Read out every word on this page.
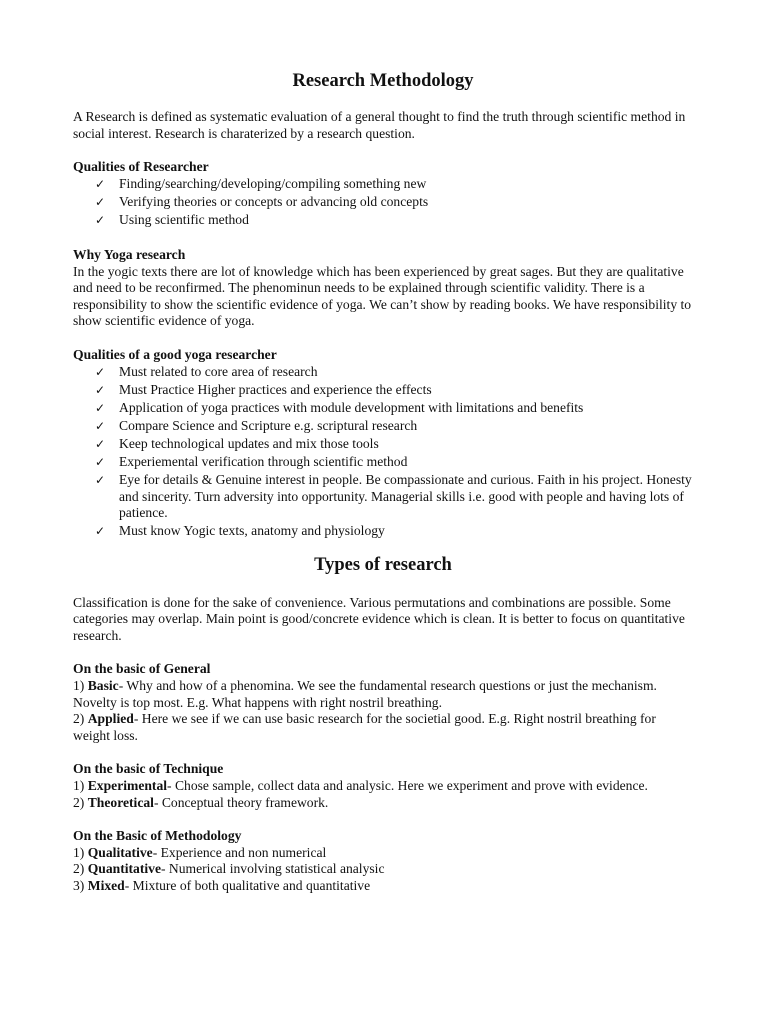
Research Methodology

A Research is defined as systematic evaluation of a general thought to find the truth through scientific method in social interest. Research is charaterized by a research question.

Qualities of Researcher

✓ Finding/searching/developing/compiling something new
✓ Verifying theories or concepts or advancing old concepts
✓ Using scientific method

Why Yoga research

In the yogic texts there are lot of knowledge which has been experienced by great sages. But they are qualitative and need to be reconfirmed. The phenominun needs to be explained through scientific validity. There is a responsibility to show the scientific evidence of yoga. We can’t show by reading books. We have responsibility to show scientific evidence of yoga.

Qualities of a good yoga researcher

✓ Must related to core area of research
✓ Must Practice Higher practices and experience the effects
✓ Application of yoga practices with module development with limitations and benefits
✓ Compare Science and Scripture e.g. scriptural research
✓ Keep technological updates and mix those tools
✓ Experiemental verification through scientific method
✓ Eye for details & Genuine interest in people. Be compassionate and curious. Faith in his project. Honesty and sincerity. Turn adversity into opportunity. Managerial skills i.e. good with people and having lots of patience.
✓ Must know Yogic texts, anatomy and physiology
Types of research

Classification is done for the sake of convenience. Various permutations and combinations are possible. Some categories may overlap. Main point is good/concrete evidence which is clean. It is better to focus on quantitative research.

On the basic of General

1) Basic- Why and how of a phenomina. We see the fundamental research questions or just the mechanism. Novelty is top most. E.g. What happens with right nostril breathing.

2) Applied- Here we see if we can use basic research for the societial good. E.g. Right nostril breathing for weight loss.

On the basic of Technique

1) Experimental- Chose sample, collect data and analysic. Here we experiment and prove with evidence.

2) Theoretical- Conceptual theory framework.

On the Basic of Methodology

1) Qualitative- Experience and non numerical

2) Quantitative- Numerical involving statistical analysic

3) Mixed- Mixture of both qualitative and quantitative
